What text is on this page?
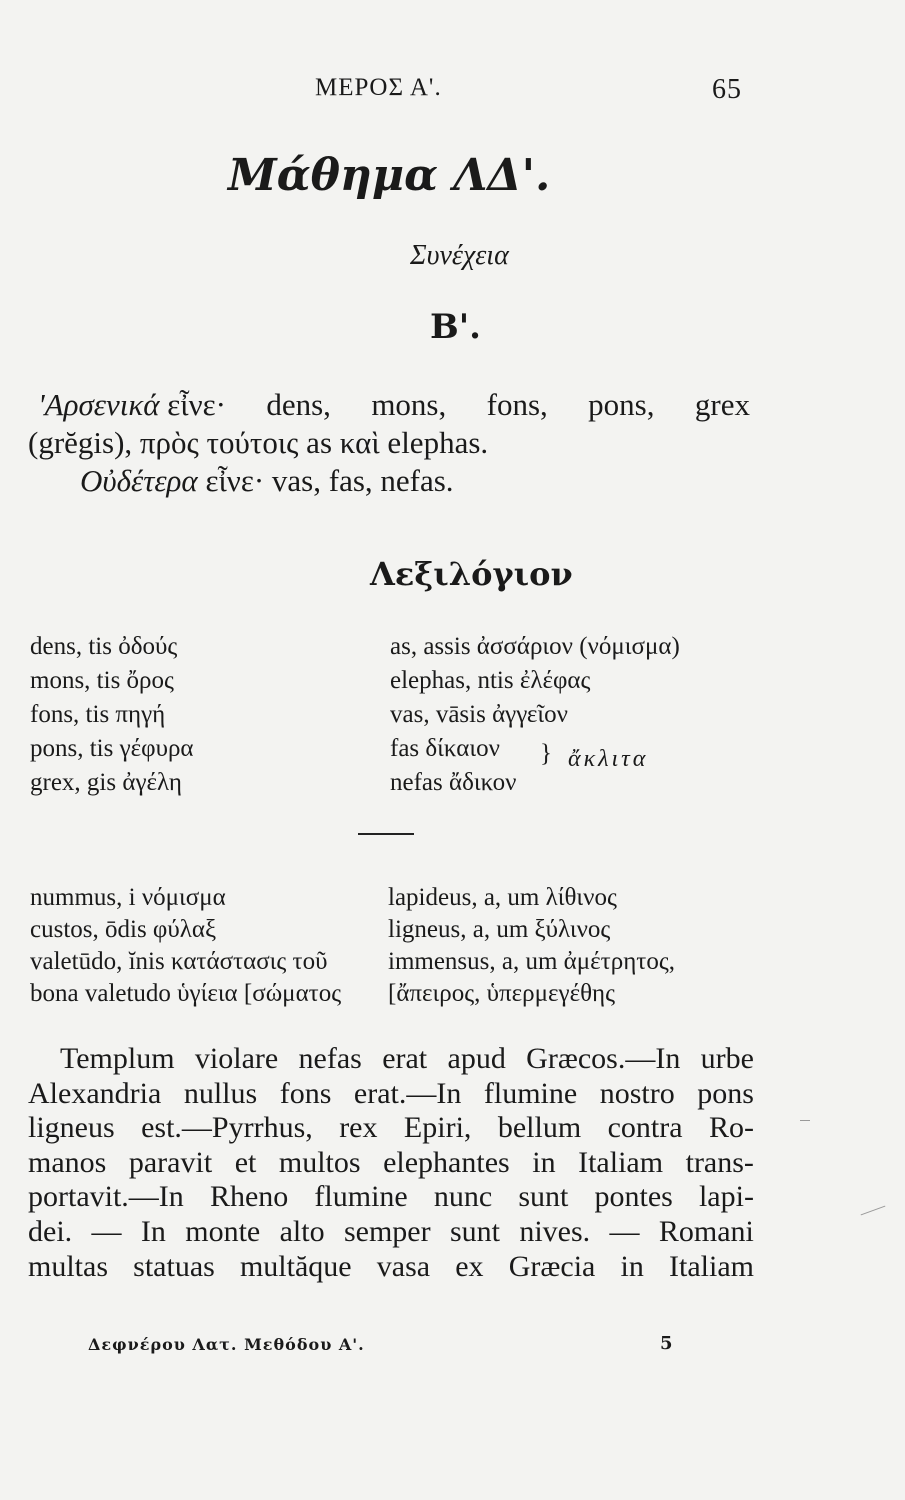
ΜΕΡΟΣ Α'.	65
Μάθημα ΛΔ'.
Συνέχεια
Β'.
'Αρσενικά εἶνε· dens, mons, fons, pons, grex
(grĕgis), πρὸς τούτοις as καὶ elephas.
Οὐδέτερα εἶνε· vas, fas, nefas.
Λεξιλόγιον
dens, tis ὀδούς
mons, tis ὄρος
fons, tis πηγή
pons, tis γέφυρα
grex, gis ἀγέλη
as, assis ἀσσάριον (νόμισμα)
elephas, ntis ἐλέφας
vas, vāsis ἀγγεῖον
fas δίκαιον
nefas ἄδικον
} ἄκλιτα
nummus, i νόμισμα
custos, ōdis φύλαξ
valetūdo, ĭnis κατάστασις τοῦ
bona valetudo ὑγίεια [σώματος
lapideus, a, um λίθινος
ligneus, a, um ξύλινος
immensus, a, um ἀμέτρητος,
[ἄπειρος, ὑπερμεγέθης
Templum violare nefas erat apud Græcos.—In urbe
Alexandria nullus fons erat.—In flumine nostro pons
ligneus est.—Pyrrhus, rex Epiri, bellum contra Ro-
manos paravit et multos elephantes in Italiam trans-
portavit.—In Rheno flumine nunc sunt pontes lapi-
dei. — In monte alto semper sunt nives. — Romani
multas statuas multăque vasa ex Græcia in Italiam
Δεφνέρου Λατ. Μεθόδου Α'.	5
